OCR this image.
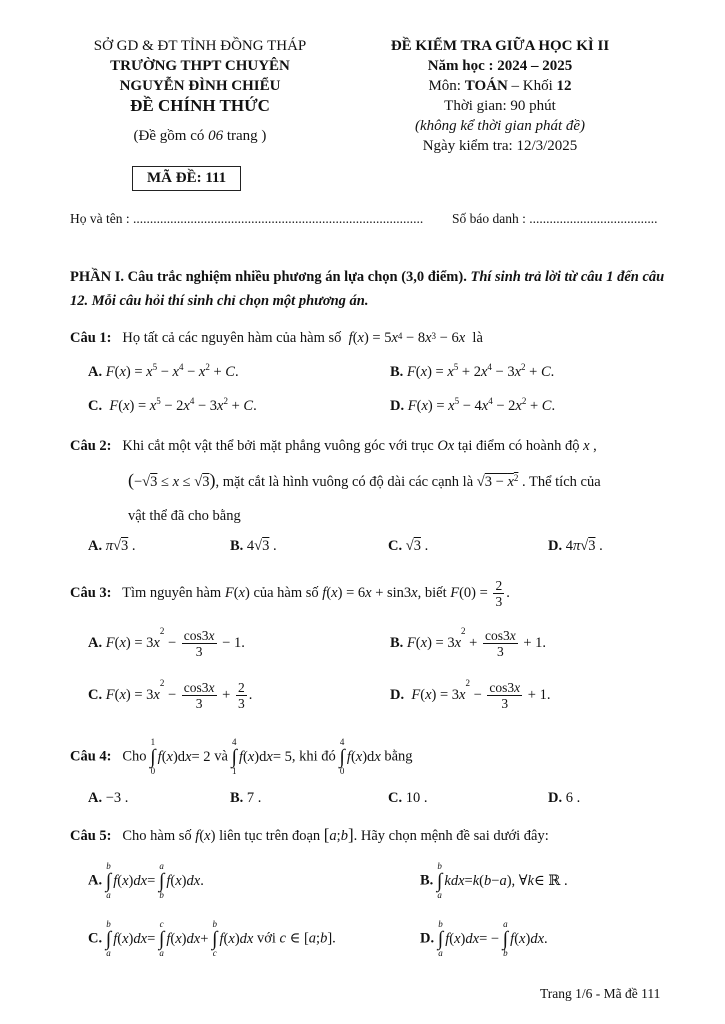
SỞ GD & ĐT TỈNH ĐỒNG THÁP
TRƯỜNG THPT CHUYÊN
NGUYỄN ĐÌNH CHIỂU
ĐỀ CHÍNH THỨC
(Đề gồm có 06 trang )
ĐỀ KIỂM TRA GIỮA HỌC KÌ II
Năm học : 2024 – 2025
Môn: TOÁN – Khối 12
Thời gian: 90 phút
(không kể thời gian phát đề)
Ngày kiểm tra: 12/3/2025
MÃ ĐỀ: 111
Họ và tên : ...................................................................................... Số báo danh : ......................................
PHẦN I. Câu trắc nghiệm nhiều phương án lựa chọn (3,0 điểm). Thí sinh trả lời từ câu 1 đến câu 12. Mỗi câu hỏi thí sinh chỉ chọn một phương án.
Câu 1: Họ tất cả các nguyên hàm của hàm số  $f(x) = 5x^4 - 8x^3 - 6x$ là
A. $F(x) = x^5 - x^4 - x^2 + C$.	B. $F(x) = x^5 + 2x^4 - 3x^2 + C$.
C. $F(x) = x^5 - 2x^4 - 3x^2 + C$.	D. $F(x) = x^5 - 4x^4 - 2x^2 + C$.
Câu 2: Khi cắt một vật thể bởi mặt phẳng vuông góc với trục Ox tại điểm có hoành độ x ,
(−√3 ≤ x ≤ √3), mặt cắt là hình vuông có độ dài các cạnh là $√3 - x^2$ . Thể tích của
vật thể đã cho bằng
A. π√3 .	B. 4√3 .	C. √3 .	D. 4π√3 .
Câu 3: Tìm nguyên hàm F(x) của hàm số f(x) = 6x + sin3x, biết $F(0) = \frac{2}{3}$ .
A. $F(x) = 3x^2 - \frac{\cos 3x}{3} - 1$.	B. $F(x) = 3x^2 + \frac{\cos 3x}{3} + 1$.
C. $F(x) = 3x^2 - \frac{\cos 3x}{3} + \frac{2}{3}$ .	D. $F(x) = 3x^2 - \frac{\cos 3x}{3} + 1$.
Câu 4: Cho
1
∫
0
f ( x )d x = 2 và
4
∫
1
f ( x )d x = 5, khi đó
4
∫
0
f ( x )d x bằng
A. −3 .	B. 7 .	C. 10 .	D. 6 .
Câu 5: Cho hàm số f(x) liên tục trên đoạn [a;b]. Hãy chọn mệnh đề sai dưới đây:
A.
b
∫
a
f ( x ) dx =
a
∫
b
f ( x ) dx .	B.
b
∫
a
kdx = k ( b − a ), ∀ k ∈ ℝ .
C.
b
∫
a
f ( x ) dx =
c
∫
a
f ( x ) dx +
b
∫
c
f ( x ) dx với c ∈ [a;b].	D.
b
∫
a
f ( x ) dx = −
a
∫
b
f ( x ) dx .
Trang 1/6 - Mã đề 111
